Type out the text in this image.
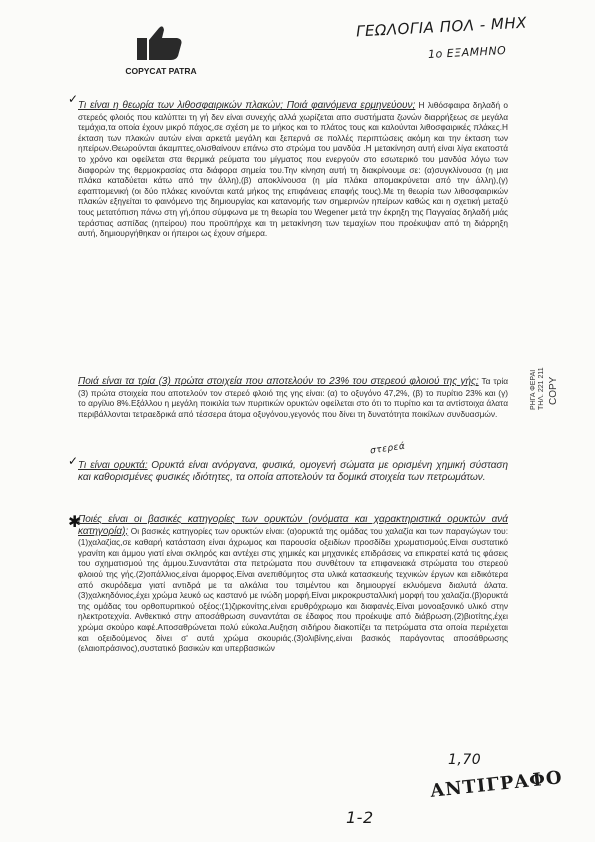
ΓΕΩΛΟΓΙΑ ΠΟΛ - ΜΗΧ
1ο ΕΞΑΜΗΝΟ
COPYCAT PATRA
✓ Τι είναι η θεωρία των λιθοσφαιρικών πλακών; Ποιά φαινόμενα ερμηνεύουν; Η λιθόσφαιρα δηλαδή ο στερεός φλοιός που καλύπτει τη γή δεν είναι συνεχής αλλά χωρίζεται απο συστήματα ζωνών διαρρήξεως σε μεγάλα τεμάχια,τα οποία έχουν μικρό πάχος,σε σχέση με το μήκος και το πλάτος τους και καλούνται λιθοσφαιρικές πλάκες.Η έκταση των πλακών αυτών είναι αρκετά μεγάλη και ξεπερνά σε πολλές περιπτώσεις ακόμη και την έκταση των ηπείρων.Θεωρούνται άκαμπτες,ολισθαίνουν επάνω στο στρώμα του μανδύα .Η μετακίνηση αυτή είναι λίγα εκατοστά το χρόνο και οφείλεται στα θερμικά ρεύματα του μίγματος που ενεργούν στο εσωτερικό του μανδύα λόγω των διαφορών της θερμοκρασίας στα διάφορα σημεία του.Την κίνηση αυτή τη διακρίνουμε σε: (α)συγκλίνουσα (η μια πλάκα καταδύεται κάτω από την άλλη),(β) αποκλίνουσα (η μία πλάκα απομακρύνεται από την άλλη),(γ) εφαπτομενική (οι δύο πλάκες κινούνται κατά μήκος της επιφάνειας επαφής τους).Με τη θεωρία των λιθοσφαιρικών πλακών εξηγείται το φαινόμενο της δημιουργίας και κατανομής των σημερινών ηπείρων καθώς και η σχετική μεταξύ τους μετατόπιση πάνω στη γή,όπου σύμφωνα με τη θεωρία του Wegener μετά την έκρηξη της Παγγαίας δηλαδή μιάς τεράστιας ασπίδας (ηπείρου) που προϋπήρχε και τη μετακίνηση των τεμαχίων που προέκυψαν από τη διάρρηξη αυτή, δημιουργήθηκαν οι ήπειροι ως έχουν σήμερα.
Ποιά είναι τα τρία (3) πρώτα στοιχεία που αποτελούν το 23% του στερεού φλοιού της γής; Τα τρία (3) πρώτα στοιχεία που αποτελούν τον στερεό φλοιό της γης είναι: (α) το οξυγόνο 47,2%, (β) το πυρίτιο 23% και (γ) το αργίλιο 8%.Εξάλλου η μεγάλη ποικιλία των πυριτικών ορυκτών οφείλεται στο ότι το πυρίτιο και τα αντίστοιχα άλατα περιβάλλονται τετραεδρικά από τέσσερα άτομα οξυγόνου,γεγονός που δίνει τη δυνατότητα ποικίλων συνδυασμών.
✓
στερεά
Τι είναι ορυκτά: Ορυκτά είναι ανόργανα, φυσικά, ομογενή σώματα με ορισμένη χημική σύσταση και καθορισμένες φυσικές ιδιότητες, τα οποία αποτελούν τα δομικά στοιχεία των πετρωμάτων.
✱
Ποιές είναι οι βασικές κατηγορίες των ορυκτών (ονόματα και χαρακτηριστικά ορυκτών ανά κατηγορία); Οι βασικές κατηγορίες των ορυκτών είναι: (α)ορυκτά της ομάδας του χαλαζία και των παραγώγων του:(1)χαλαζίας,σε καθαρή κατάσταση είναι άχρωμος και παρουσία οξειδίων προσδίδει χρωματισμούς.Είναι συστατικό γρανίτη και άμμου γιατί είναι σκληρός και αντέχει στις χημικές και μηχανικές επιδράσεις να επικρατεί κατά τις φάσεις του σχηματισμού της άμμου.Συναντάται στα πετρώματα που συνθέτουν τα επιφανειακά στρώματα του στερεού φλοιού της γής.(2)οπάλλιος,είναι άμορφος.Είναι ανεπιθύμητος στα υλικά κατασκευής τεχνικών έργων και ειδικότερα από σκυρόδεμα γιατί αντιδρά με τα αλκάλια του τσιμέντου και δημιουργεί εκλυόμενα διαλυτά άλατα. (3)χαλκηδόνιος,έχει χρώμα λευκό ως καστανό με ινώδη μορφή.Είναι μικροκρυσταλλική μορφή του χαλαζία.(β)ορυκτά της ομάδας του ορθοπυριτικού οξέος:(1)ζιρκονίτης,είναι ερυθρόχρωμο και διαφανές.Είναι μονοαξονικό υλικό στην ηλεκτροτεχνία. Ανθεκτικό στην αποσάθρωση συναντάται σε έδαφος που προέκυψε από διάβρωση.(2)βιοτίτης,έχει χρώμα σκούρο καφέ.Αποσαθρώνεται πολύ εύκολα.Αυξηση σιδήρου διακοπίζει τα πετρώματα στα οποία περιέχεται και οξειδούμενος δίνει σ' αυτά χρώμα σκουριάς.(3)ολιβίνης,είναι βασικός παράγοντας αποσάθρωσης (ελαιοπράσινος),συστατικό βασικών και υπερβασικών
COPY
ΡΗΓΑ ΦΕΡΑΙ ΤΗΛ. 221 211
1,70
1-2
ΑΝΤΙΓΡΑΦΟ
